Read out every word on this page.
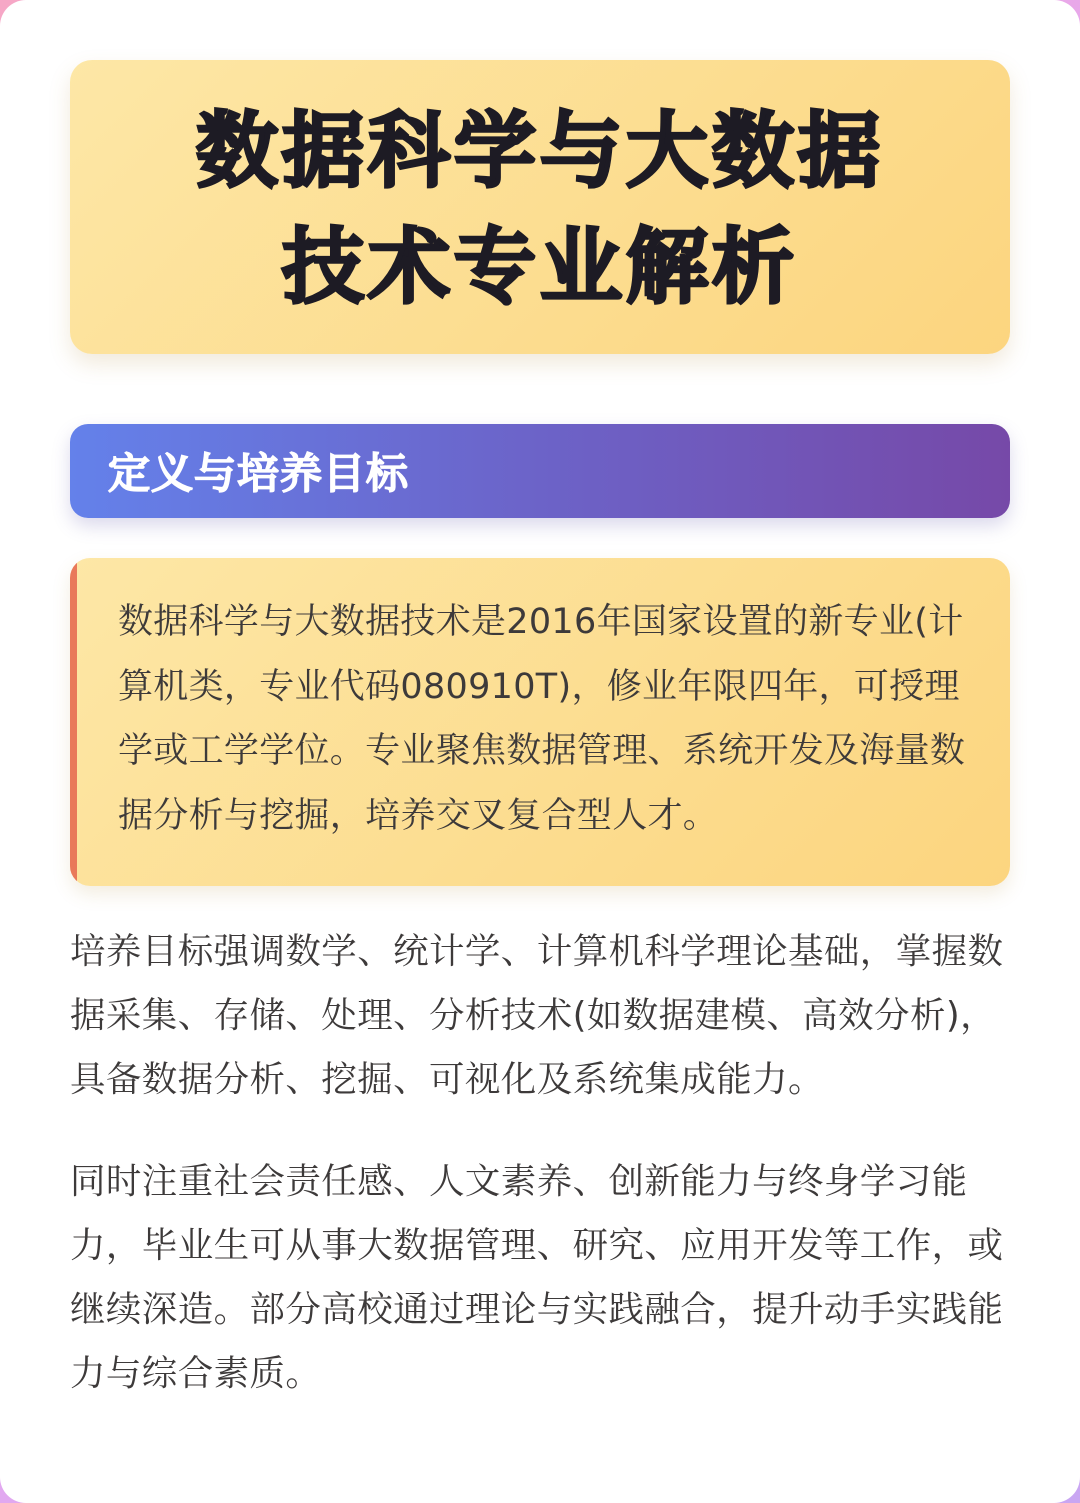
数据科学与大数据
技术专业解析
定义与培养目标
数据科学与大数据技术是2016年国家设置的新专业(计算机类，专业代码080910T)，修业年限四年，可授理学或工学学位。专业聚焦数据管理、系统开发及海量数据分析与挖掘，培养交叉复合型人才。
培养目标强调数学、统计学、计算机科学理论基础，掌握数据采集、存储、处理、分析技术(如数据建模、高效分析)，具备数据分析、挖掘、可视化及系统集成能力。
同时注重社会责任感、人文素养、创新能力与终身学习能力，毕业生可从事大数据管理、研究、应用开发等工作，或继续深造。部分高校通过理论与实践融合，提升动手实践能力与综合素质。
